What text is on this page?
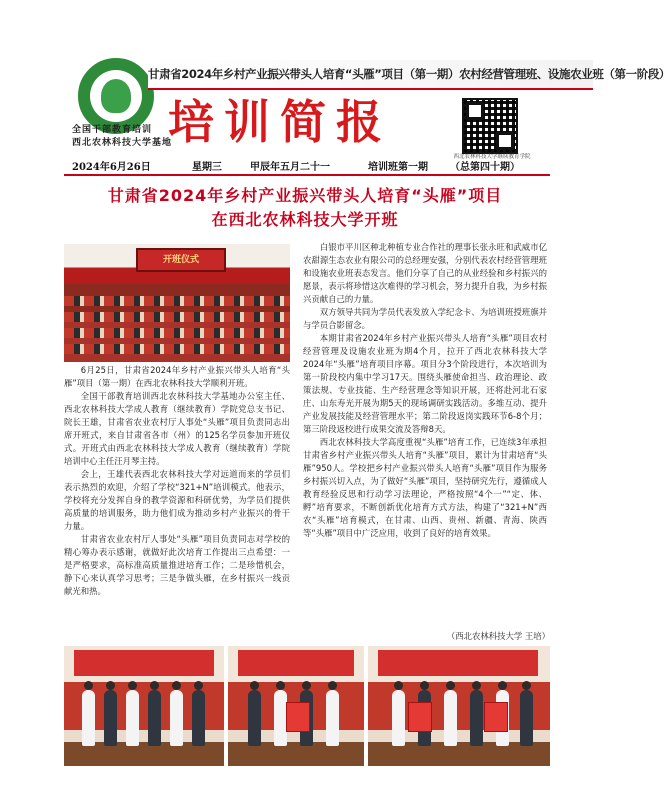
甘肃省2024年乡村产业振兴带头人培育“头雁”项目（第一期）农村经营管理班、设施农业班（第一阶段）
培训简报
全国干部教育培训
西北农林科技大学基地
西北农林科技大学继续教育学院
2024年6月26日	星期三	甲辰年五月二十一	培训班第一期 （总第四十期）
甘肃省2024年乡村产业振兴带头人培育“头雁”项目
在西北农林科技大学开班
开班仪式

6月25日，甘肃省2024年乡村产业振兴带头人培育“头雁”项目（第一期）在西北农林科技大学顺利开班。

全国干部教育培训西北农林科技大学基地办公室主任、西北农林科技大学成人教育（继续教育）学院党总支书记、院长王雄，甘肃省农业农村厅人事处“头雁”项目负责同志出席开班式，来自甘肃省各市（州）的125名学员参加开班仪式。开班式由西北农林科技大学成人教育（继续教育）学院培训中心主任汪月琴主持。

会上，王雄代表西北农林科技大学对远道而来的学员们表示热烈的欢迎，介绍了学校“321+N”培训模式。他表示，学校将充分发挥自身的教学资源和科研优势，为学员们提供高质量的培训服务，助力他们成为推动乡村产业振兴的骨干力量。

甘肃省农业农村厅人事处“头雁”项目负责同志对学校的精心筹办表示感谢，就做好此次培育工作提出三点希望：一是严格要求，高标准高质量推进培育工作；二是珍惜机会，静下心来认真学习思考；三是争做头雁，在乡村振兴一线贡献光和热。

白银市平川区种北种植专业合作社的理事长张永旺和武威市亿农甜源生态农业有限公司的总经理安强，分别代表农村经营管理班和设施农业班表态发言。他们分享了自己的从业经验和乡村振兴的愿景，表示将珍惜这次难得的学习机会，努力提升自我，为乡村振兴贡献自己的力量。

双方领导共同为学员代表发放入学纪念卡、为培训班授班旗并与学员合影留念。

本期甘肃省2024年乡村产业振兴带头人培育“头雁”项目农村经营管理及设施农业班为期4个月，拉开了西北农林科技大学2024年“头雁”培育项目序幕。项目分3个阶段进行，本次培训为第一阶段校内集中学习17天。围绕头雁使命担当、政治理论、政策法规、专业技能、生产经营理念等知识开展，还将赴河北石家庄、山东寿光开展为期5天的现场调研实践活动。多维互动、提升产业发展技能及经营管理水平；第二阶段返岗实践环节6-8个月；第三阶段返校进行成果交流及答辩8天。

西北农林科技大学高度重视“头雁”培育工作，已连续3年承担甘肃省乡村产业振兴带头人培育“头雁”项目，累计为甘肃培育“头雁”950人。学校把乡村产业振兴带头人培育“头雁”项目作为服务乡村振兴切入点，为了做好“头雁”项目，坚持研究先行，遵循成人教育经验反思和行动学习法理论，严格按照“4个一”“定、体、孵”培育要求，不断创新优化培育方式方法，构建了“321+N”西农“头雁”培育模式，在甘肃、山西、贵州、新疆、青海、陕西等“头雁”项目中广泛应用，收到了良好的培育效果。

（西北农林科技大学 王培）
